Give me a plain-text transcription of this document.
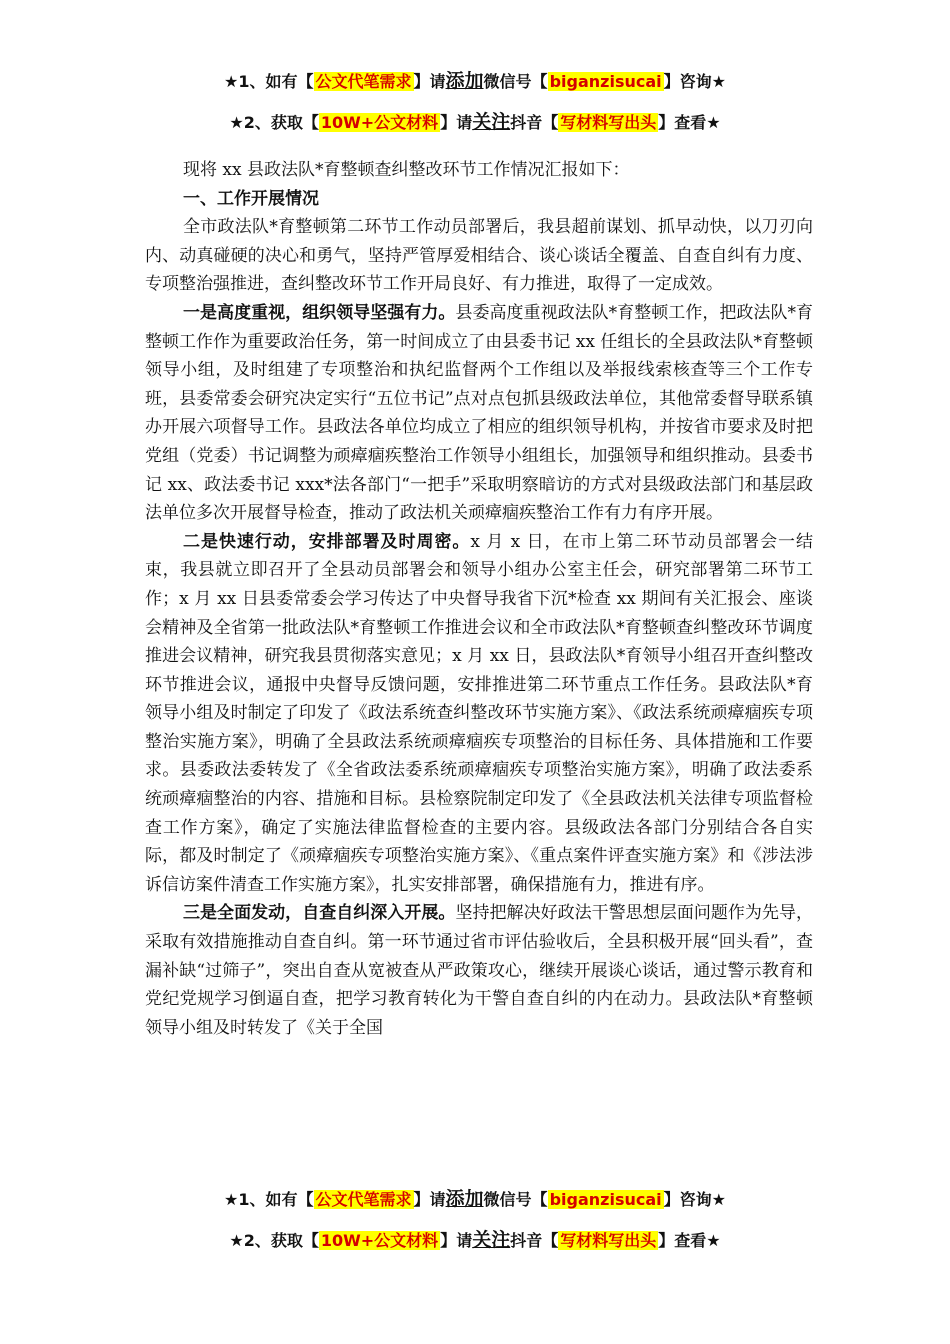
★1、如有【 公文代笔需求 】请添加微信号【 biganzisucai 】咨询★
★2、获取【 10W+公文材料 】请关注抖音【 写材料写出头 】查看★

现将 xx 县政法队*育整顿查纠整改环节工作情况汇报如下：

一、工作开展情况

全市政法队*育整顿第二环节工作动员部署后，我县超前谋划、抓早动快，以刀刃向内、动真碰硬的决心和勇气，坚持严管厚爱相结合、谈心谈话全覆盖、自查自纠有力度、专项整治强推进，查纠整改环节工作开局良好、有力推进，取得了一定成效。

一是高度重视，组织领导坚强有力。县委高度重视政法队*育整顿工作，把政法队*育整顿工作作为重要政治任务，第一时间成立了由县委书记 xx 任组长的全县政法队*育整顿领导小组，及时组建了专项整治和执纪监督两个工作组以及举报线索核查等三个工作专班，县委常委会研究决定实行“五位书记”点对点包抓县级政法单位，其他常委督导联系镇办开展六项督导工作。县政法各单位均成立了相应的组织领导机构，并按省市要求及时把党组（党委）书记调整为顽瘴痼疾整治工作领导小组组长，加强领导和组织推动。县委书记 xx、政法委书记 xxx*法各部门“一把手”采取明察暗访的方式对县级政法部门和基层政法单位多次开展督导检查，推动了政法机关顽瘴痼疾整治工作有力有序开展。

二是快速行动，安排部署及时周密。x 月 x 日，在市上第二环节动员部署会一结束，我县就立即召开了全县动员部署会和领导小组办公室主任会，研究部署第二环节工作；x 月 xx 日县委常委会学习传达了中央督导我省下沉*检查 xx 期间有关汇报会、座谈会精神及全省第一批政法队*育整顿工作推进会议和全市政法队*育整顿查纠整改环节调度推进会议精神，研究我县贯彻落实意见；x 月 xx 日，县政法队*育领导小组召开查纠整改环节推进会议，通报中央督导反馈问题，安排推进第二环节重点工作任务。县政法队*育领导小组及时制定了印发了《政法系统查纠整改环节实施方案》、《政法系统顽瘴痼疾专项整治实施方案》，明确了全县政法系统顽瘴痼疾专项整治的目标任务、具体措施和工作要求。县委政法委转发了《全省政法委系统顽瘴痼疾专项整治实施方案》，明确了政法委系统顽瘴痼整治的内容、措施和目标。县检察院制定印发了《全县政法机关法律专项监督检查工作方案》，确定了实施法律监督检查的主要内容。县级政法各部门分别结合各自实际，都及时制定了《顽瘴痼疾专项整治实施方案》、《重点案件评查实施方案》和《涉法涉诉信访案件清查工作实施方案》，扎实安排部署，确保措施有力，推进有序。

三是全面发动，自查自纠深入开展。坚持把解决好政法干警思想层面问题作为先导，采取有效措施推动自查自纠。第一环节通过省市评估验收后，全县积极开展“回头看”，查漏补缺“过筛子”，突出自查从宽被查从严政策攻心，继续开展谈心谈话，通过警示教育和党纪党规学习倒逼自查，把学习教育转化为干警自查自纠的内在动力。县政法队*育整顿领导小组及时转发了《关于全国

★1、如有【 公文代笔需求 】请添加微信号【 biganzisucai 】咨询★
★2、获取【 10W+公文材料 】请关注抖音【 写材料写出头 】查看★
